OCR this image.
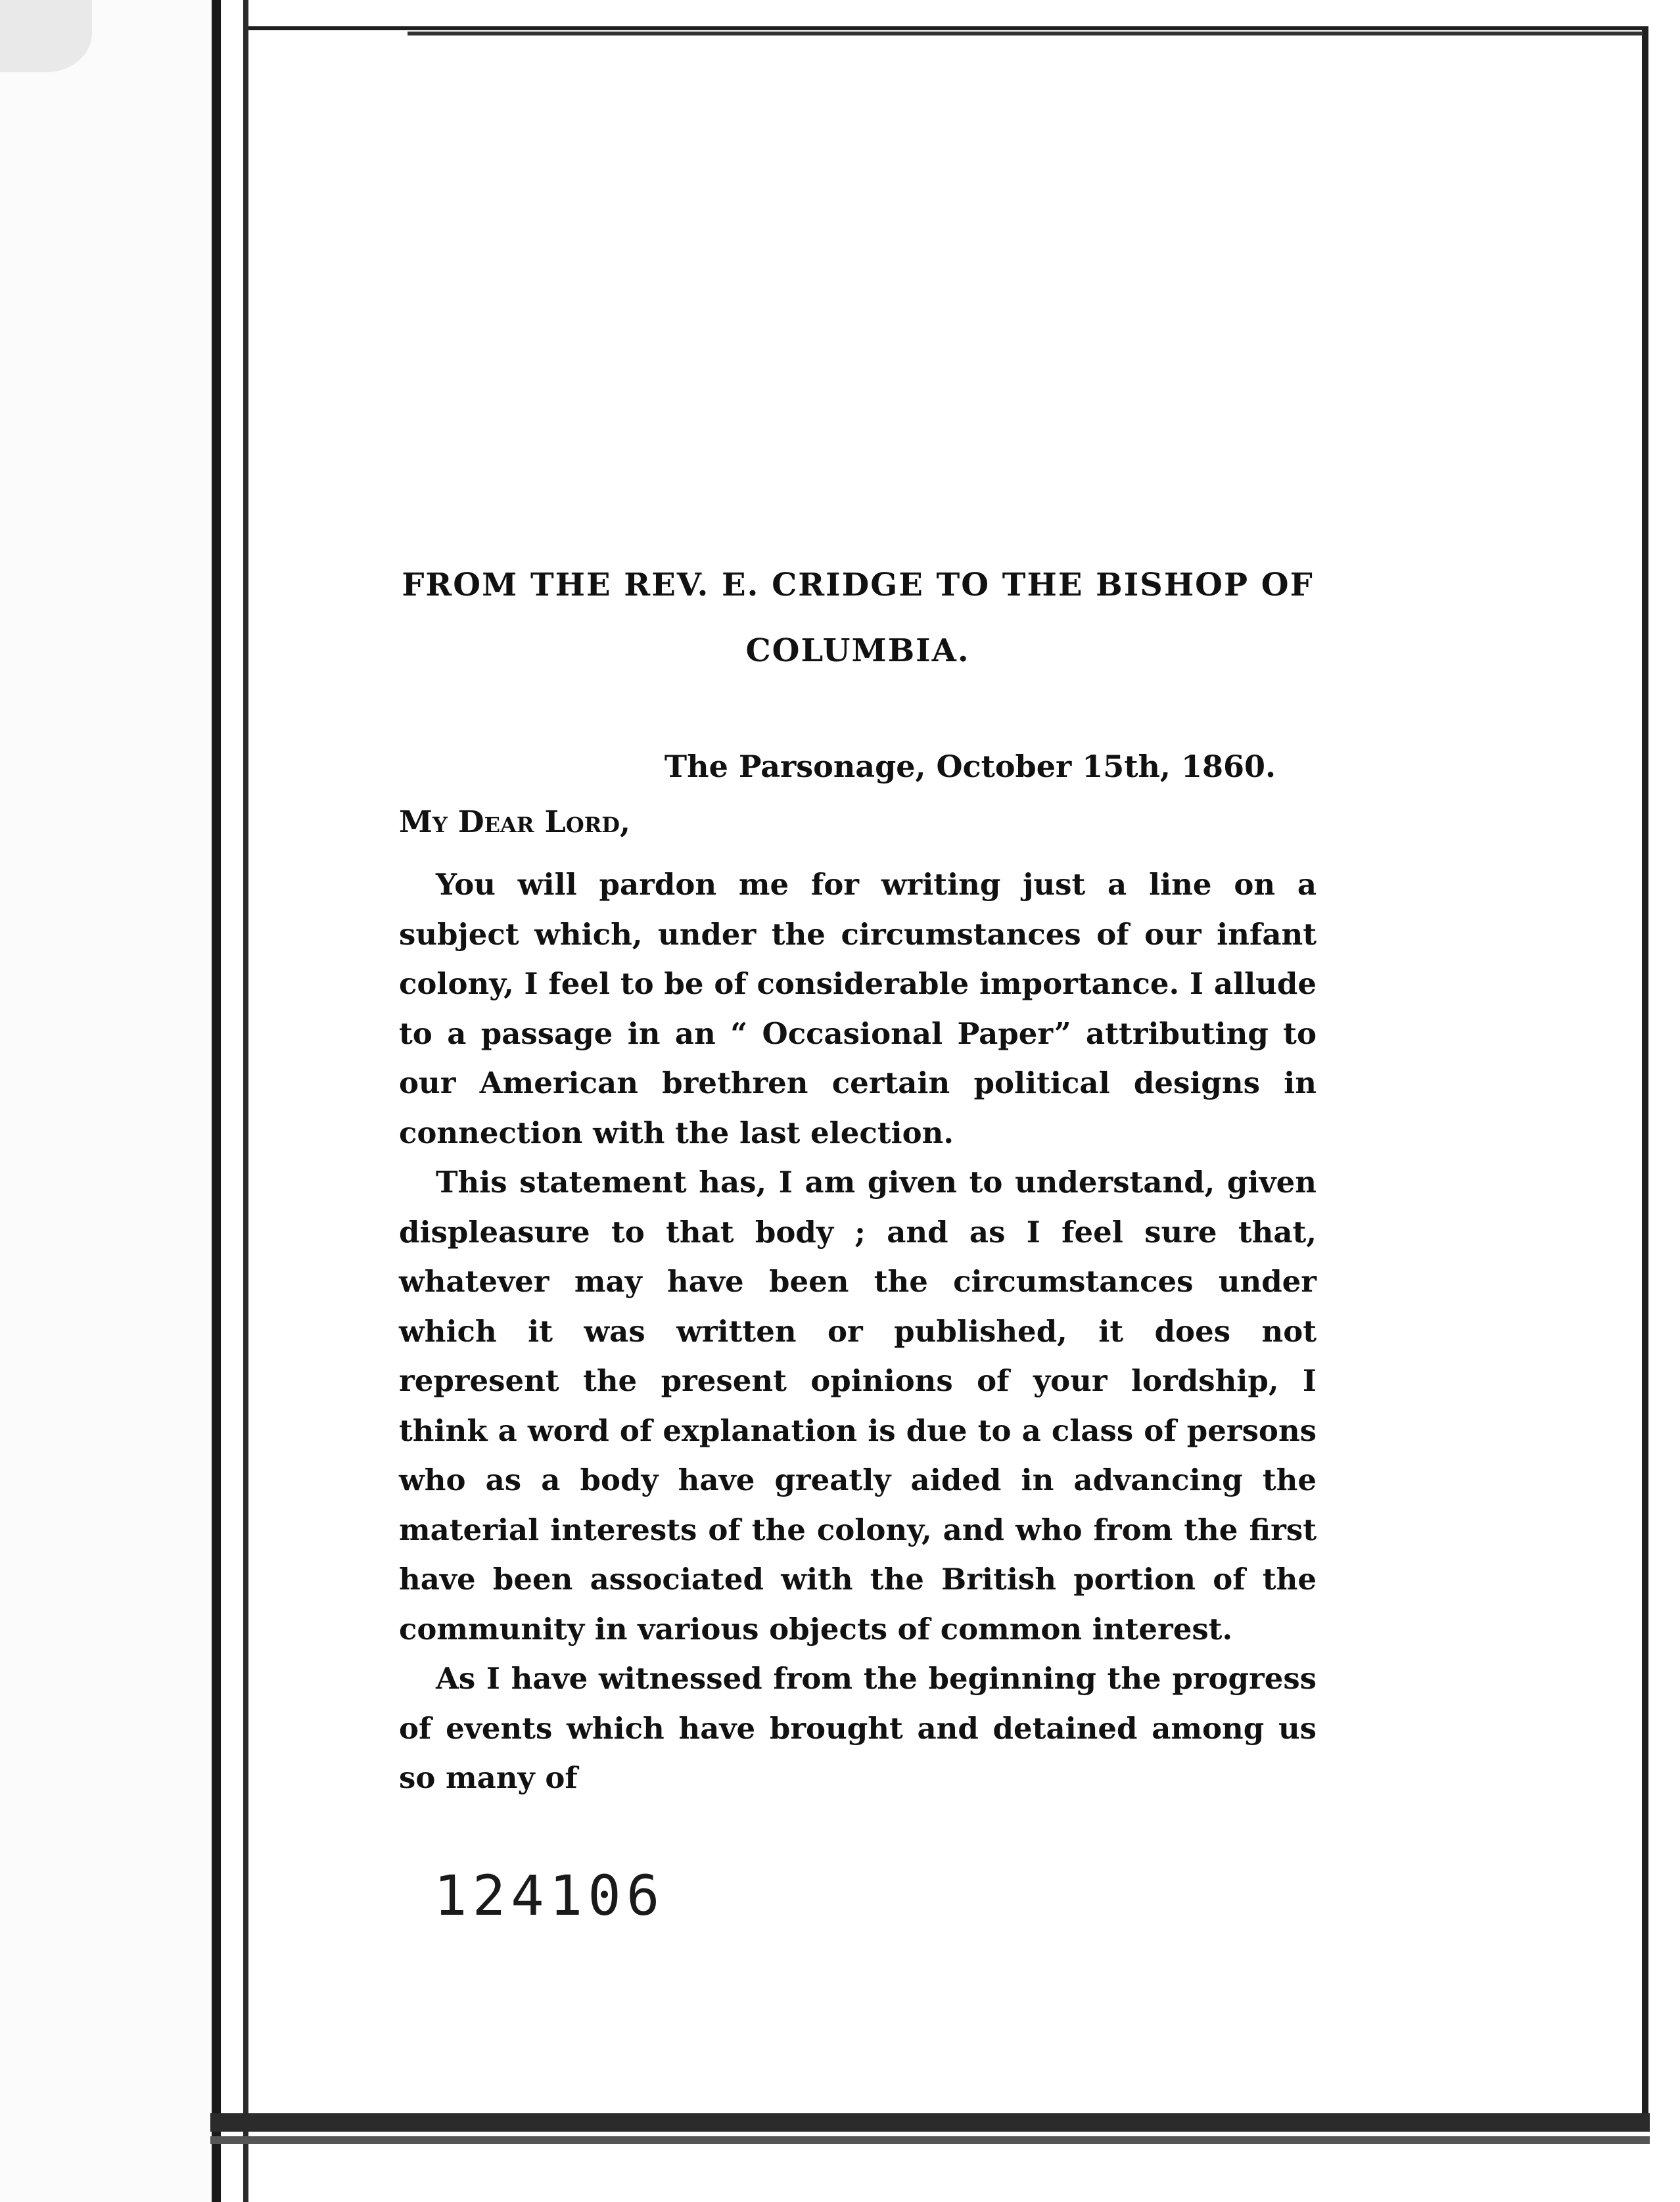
FROM THE REV. E. CRIDGE TO THE BISHOP OF

COLUMBIA.

The Parsonage, October 15th, 1860.

My Dear Lord,

You will pardon me for writing just a line on a subject which, under the circumstances of our infant colony, I feel to be of considerable importance. I allude to a passage in an “ Occasional Paper” attributing to our American brethren certain political designs in connection with the last election.

This statement has, I am given to understand, given displeasure to that body ; and as I feel sure that, whatever may have been the circumstances under which it was written or published, it does not represent the present opinions of your lordship, I think a word of explanation is due to a class of persons who as a body have greatly aided in advancing the material interests of the colony, and who from the first have been associated with the British portion of the community in various objects of common interest.

As I have witnessed from the beginning the progress of events which have brought and detained among us so many of

124106
